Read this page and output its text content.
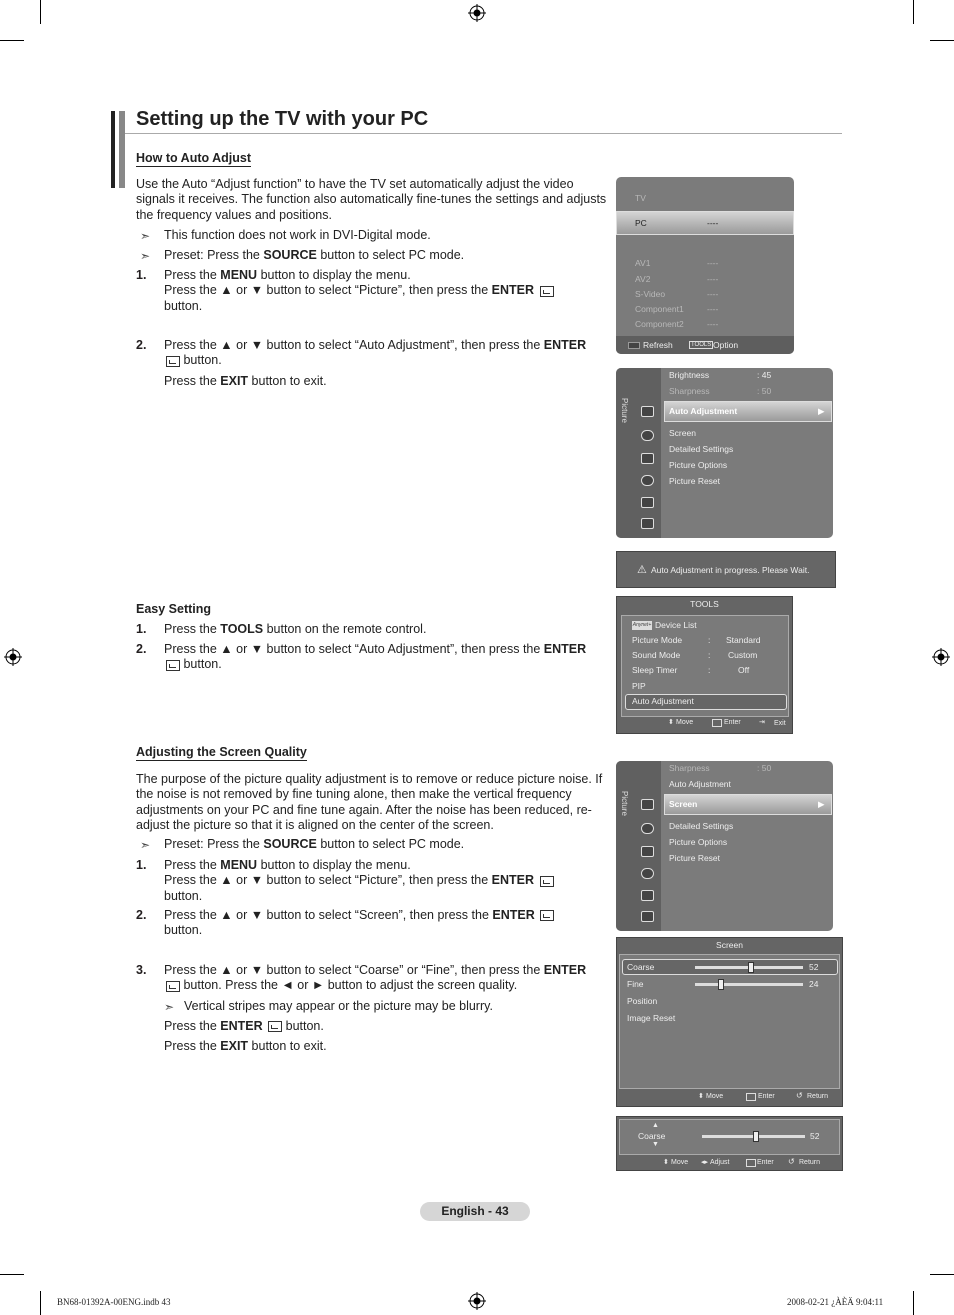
Setting up the TV with your PC
How to Auto Adjust
Use the Auto “Adjust function” to have the TV set automatically adjust the video signals it receives. The function also automatically fine-tunes the settings and adjusts the frequency values and positions.
➣ This function does not work in DVI-Digital mode.
➣ Preset: Press the SOURCE button to select PC mode.
1. Press the MENU button to display the menu.
Press the ▲ or ▼ button to select “Picture”, then press the ENTER
button.
2. Press the ▲ or ▼ button to select “Auto Adjustment”, then press the ENTER
button.
Press the EXIT button to exit.
Easy Setting
1. Press the TOOLS button on the remote control.
2. Press the ▲ or ▼ button to select “Auto Adjustment”, then press the ENTER
button.
Adjusting the Screen Quality
The purpose of the picture quality adjustment is to remove or reduce picture noise. If the noise is not removed by fine tuning alone, then make the vertical frequency adjustments on your PC and fine tune again. After the noise has been reduced, re-adjust the picture so that it is aligned on the center of the screen.
➣ Preset: Press the SOURCE button to select PC mode.
1. Press the MENU button to display the menu.
Press the ▲ or ▼ button to select “Picture”, then press the ENTER
button.
2. Press the ▲ or ▼ button to select “Screen”, then press the ENTER
button.
3. Press the ▲ or ▼ button to select “Coarse” or “Fine”, then press the ENTER
button. Press the ◄ or ► button to adjust the screen quality.
➣ Vertical stripes may appear or the picture may be blurry.
Press the ENTER  button.
Press the EXIT button to exit.
TV
PC	----
AV1	----
AV2	----
S-Video	----
Component1	----
Component2	----
Refresh	TOOLS Option
Picture
Brightness	: 45
Sharpness	: 50
Auto Adjustment	▶
Screen
Detailed Settings
Picture Options
Picture Reset
⚠ Auto Adjustment in progress. Please Wait.
TOOLS
Anynet+ Device List
Picture Mode	: Standard
Sound Mode	: Custom
Sleep Timer	:	Off
PIP
Auto Adjustment
⬍ Move	Enter	⇥ Exit
Picture
Sharpness	: 50
Auto Adjustment
Screen	▶
Detailed Settings
Picture Options
Picture Reset
Screen
Coarse	52
Fine	24
Position
Image Reset
⬍ Move	Enter	↺ Return
▲
Coarse
▼
52
⬍ Move ◂▸ Adjust	Enter ↺ Return
English - 43
BN68-01392A-00ENG.indb 43	2008-02-21 ¿ÀÈÄ 9:04:11
